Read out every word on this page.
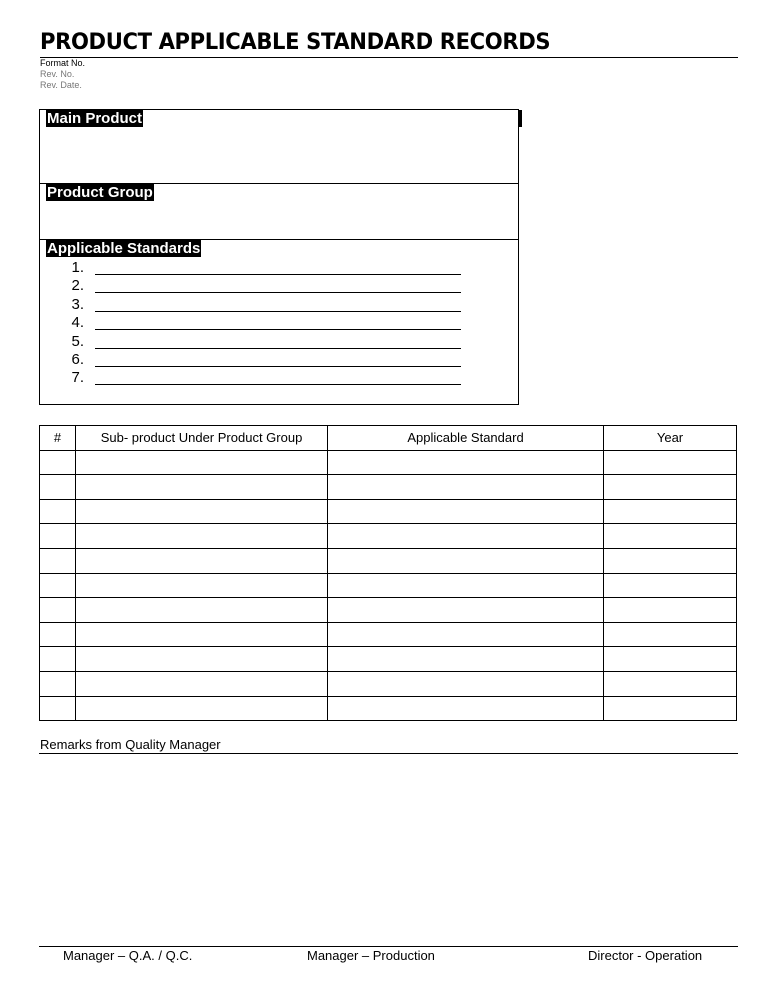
PRODUCT APPLICABLE STANDARD RECORDS
Format No.
Rev. No.
Rev. Date.
Main Product
Product Group
Applicable Standards
1.
2.
3.
4.
5.
6.
7.
#	Sub- product Under Product Group	Applicable Standard	Year

Remarks from Quality Manager
Manager – Q.A. / Q.C.	Manager – Production	Director - Operation
